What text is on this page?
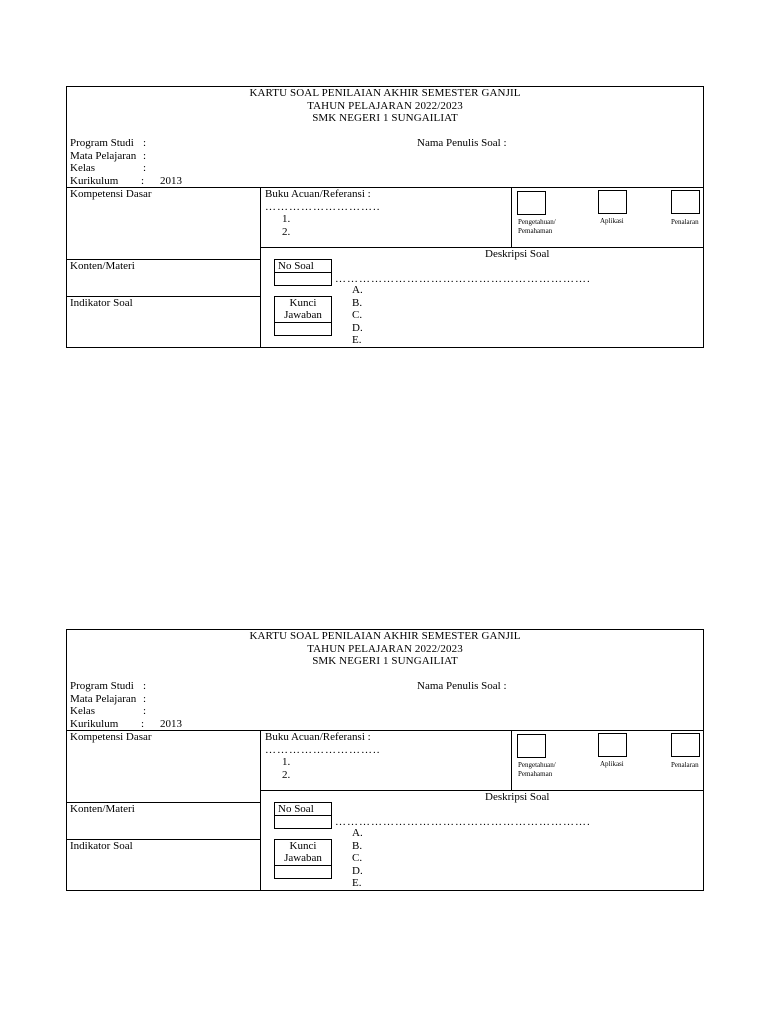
KARTU SOAL PENILAIAN AKHIR SEMESTER GANJIL
TAHUN PELAJARAN 2022/2023
SMK NEGERI 1 SUNGAILIAT
Program Studi :
Mata Pelajaran :
Kelas	:
Kurikulum : 2013
Nama Penulis Soal :
Kompetensi Dasar	Buku Acuan/Referansi :
………………………..
1.
2.
Pengetahuan/
Pemahaman
Aplikasi	Penalaran
Deskripsi Soal
Konten/Materi
Indikator Soal
No Soal
……………………………………………………….
Kunci
Jawaban
A.
B.
C.
D.
E.
KARTU SOAL PENILAIAN AKHIR SEMESTER GANJIL
TAHUN PELAJARAN 2022/2023
SMK NEGERI 1 SUNGAILIAT
Program Studi :
Mata Pelajaran :
Kelas	:
Kurikulum : 2013
Nama Penulis Soal :
Kompetensi Dasar	Buku Acuan/Referansi :
………………………..
1.
2.
Pengetahuan/
Pemahaman
Aplikasi	Penalaran
Deskripsi Soal
Konten/Materi
Indikator Soal
No Soal
……………………………………………………….
Kunci
Jawaban
A.
B.
C.
D.
E.
